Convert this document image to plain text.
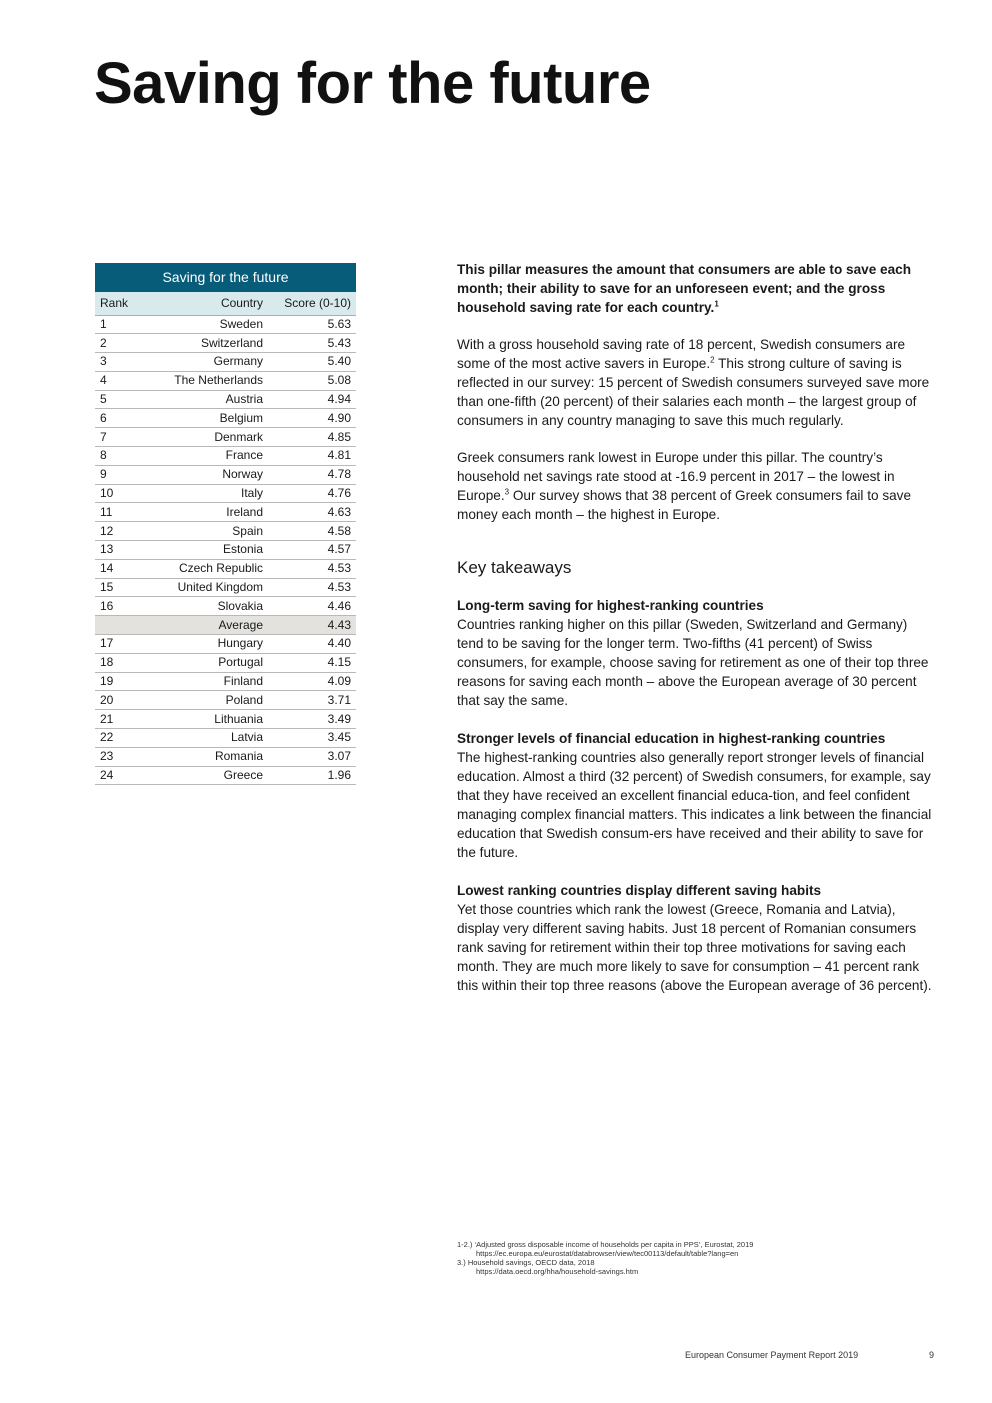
Saving for the future
Saving for the future
Rank	Country	Score (0-10)
1	Sweden	5.63
2	Switzerland	5.43
3	Germany	5.40
4	The Netherlands	5.08
5	Austria	4.94
6	Belgium	4.90
7	Denmark	4.85
8	France	4.81
9	Norway	4.78
10	Italy	4.76
11	Ireland	4.63
12	Spain	4.58
13	Estonia	4.57
14	Czech Republic	4.53
15	United Kingdom	4.53
16	Slovakia	4.46
	Average	4.43
17	Hungary	4.40
18	Portugal	4.15
19	Finland	4.09
20	Poland	3.71
21	Lithuania	3.49
22	Latvia	3.45
23	Romania	3.07
24	Greece	1.96

This pillar measures the amount that consumers are able to save each month; their ability to save for an unforeseen event; and the gross household saving rate for each country.$^1$

With a gross household saving rate of 18 percent, Swedish consumers are some of the most active savers in Europe.$^2$ This strong culture of saving is reflected in our survey: 15 percent of Swedish consumers surveyed save more than one-fifth (20 percent) of their salaries each month – the largest group of consumers in any country managing to save this much regularly.

Greek consumers rank lowest in Europe under this pillar. The country’s household net savings rate stood at -16.9 percent in 2017 – the lowest in Europe.$^3$ Our survey shows that 38 percent of Greek consumers fail to save money each month – the highest in Europe.

Key takeaways
Long-term saving for highest-ranking countries
Countries ranking higher on this pillar (Sweden, Switzerland and Germany) tend to be saving for the longer term. Two-fifths (41 percent) of Swiss consumers, for example, choose saving for retirement as one of their top three reasons for saving each month – above the European average of 30 percent that say the same.
Stronger levels of financial education in highest-ranking countries
The highest-ranking countries also generally report stronger levels of financial education. Almost a third (32 percent) of Swedish consumers, for example, say that they have received an excellent financial educa-tion, and feel confident managing complex financial matters. This indicates a link between the financial education that Swedish consum-ers have received and their ability to save for the future.
Lowest ranking countries display different saving habits
Yet those countries which rank the lowest (Greece, Romania and Latvia), display very different saving habits. Just 18 percent of Romanian consumers rank saving for retirement within their top three motivations for saving each month. They are much more likely to save for consumption – 41 percent rank this within their top three reasons (above the European average of 36 percent).
1-2.) ‘Adjusted gross disposable income of households per capita in PPS’, Eurostat, 2019
https://ec.europa.eu/eurostat/databrowser/view/tec00113/default/table?lang=en
3.) Household savings, OECD data, 2018
https://data.oecd.org/hha/household-savings.htm
European Consumer Payment Report 2019	9
